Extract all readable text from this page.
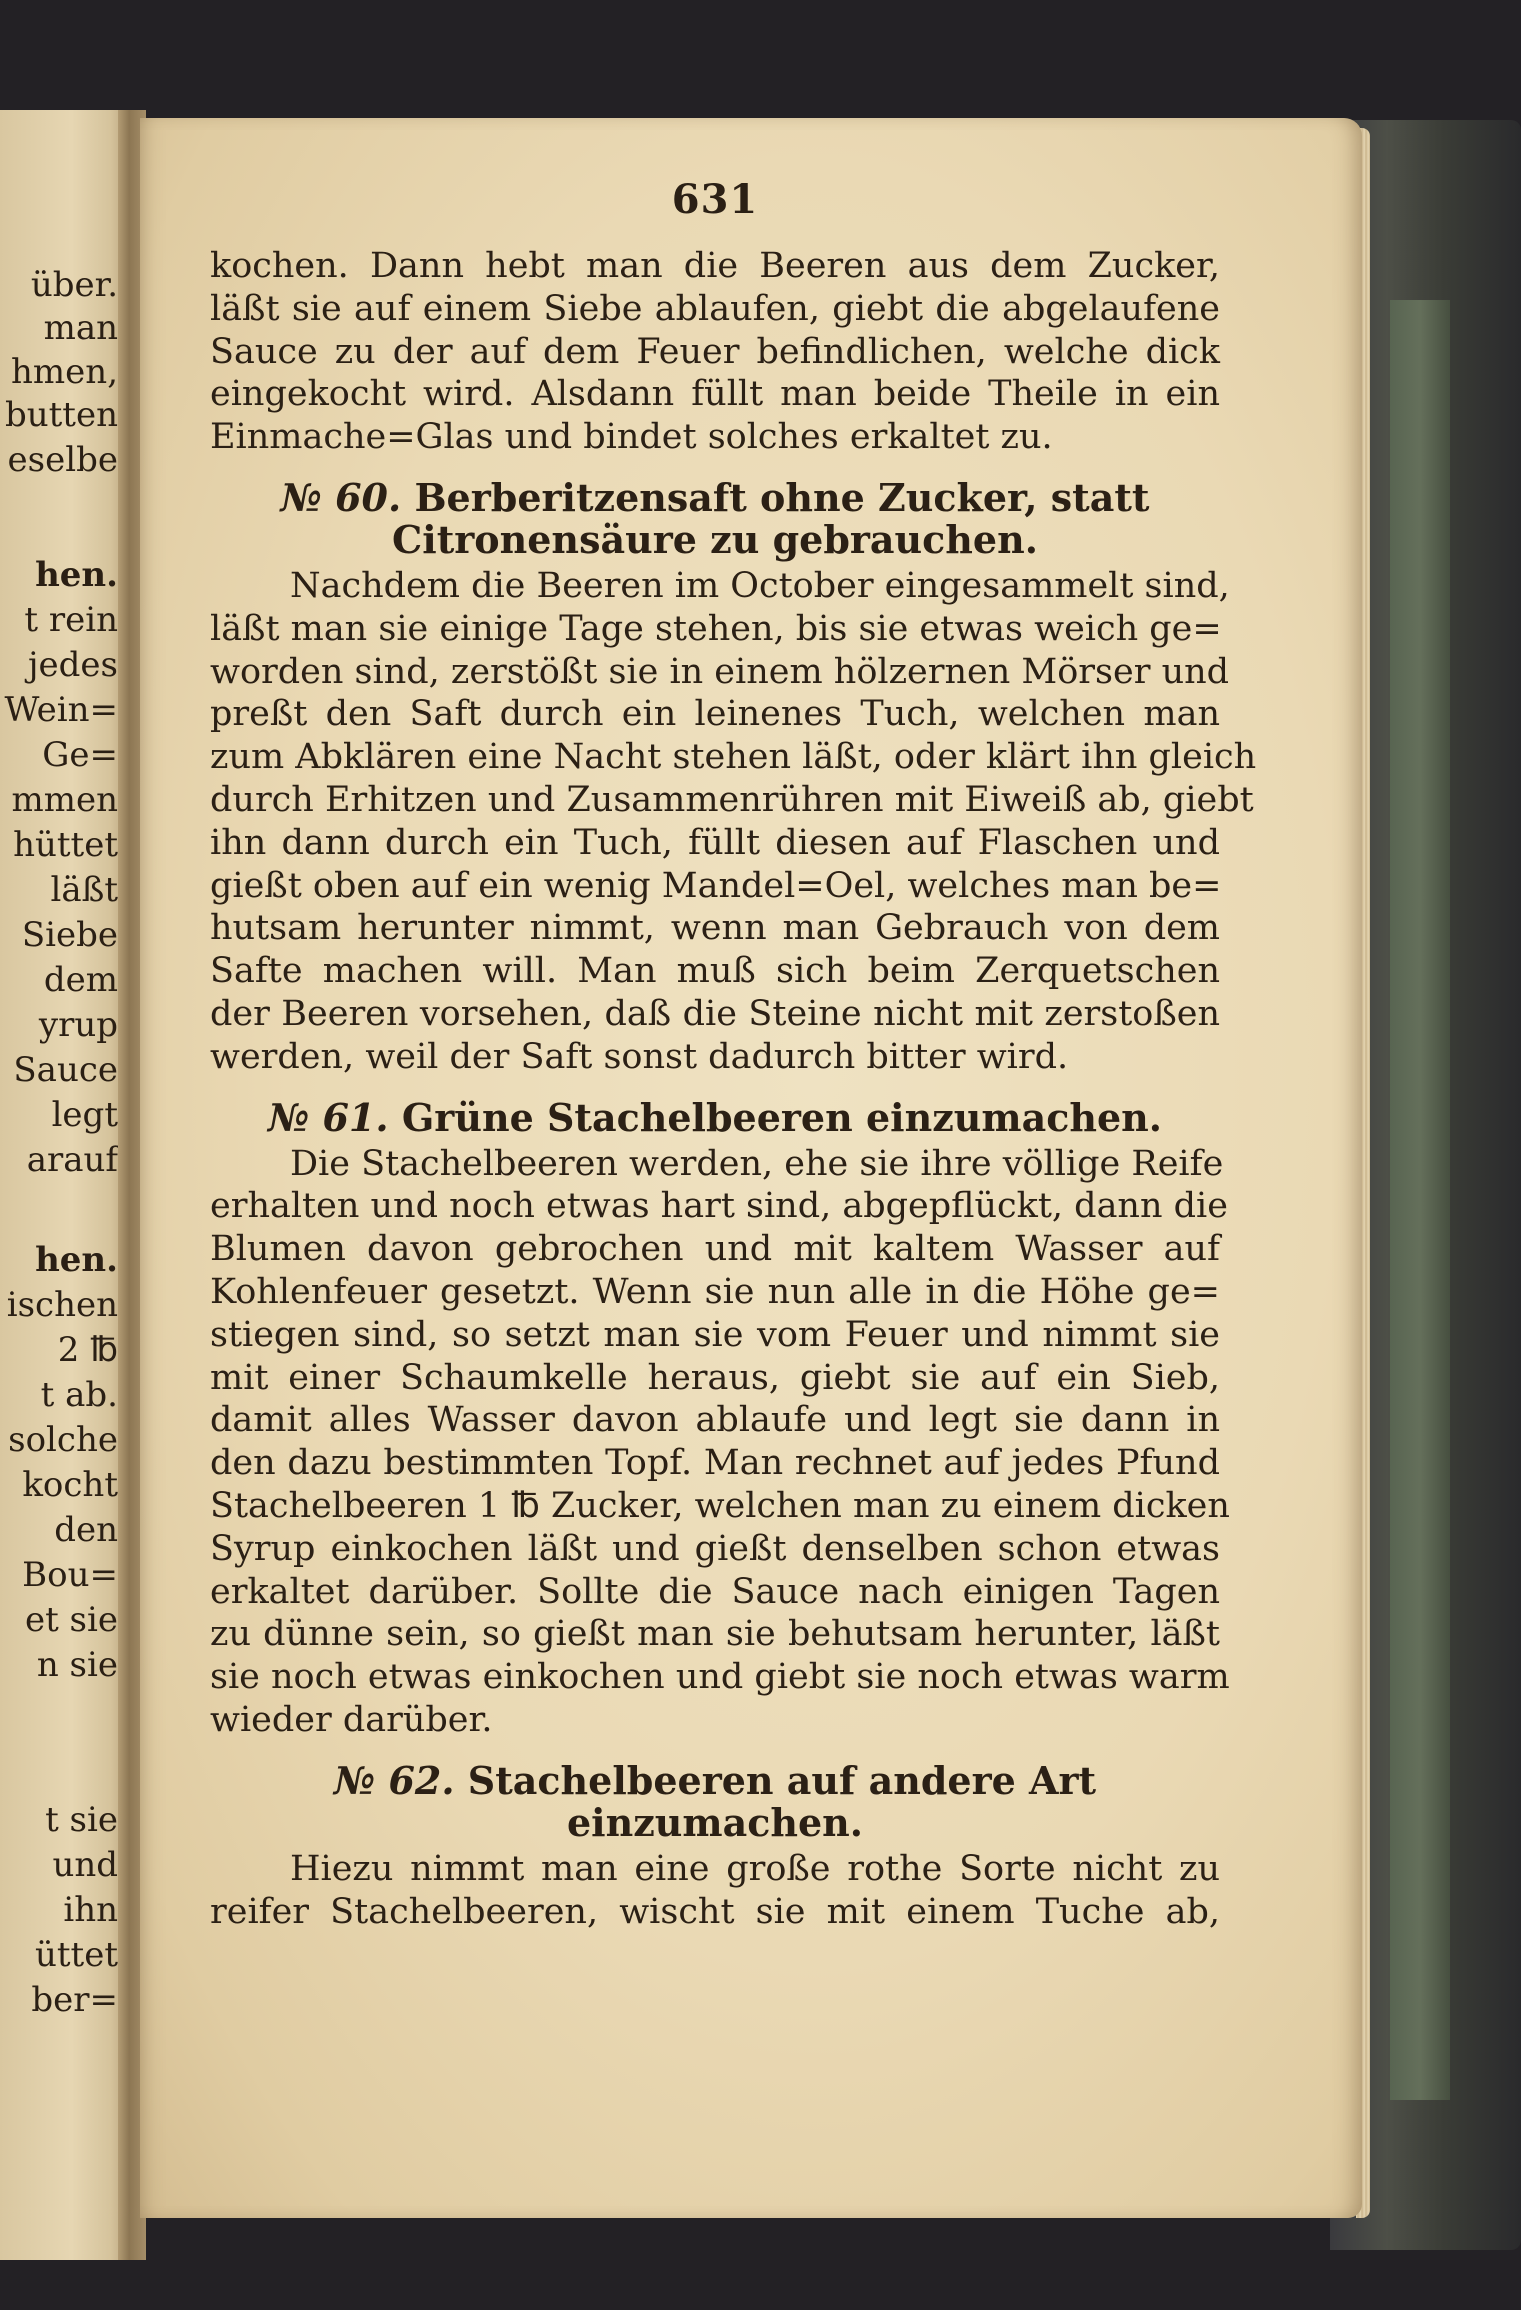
über.
man
hmen,
butten
eselbe
hen.
t rein
jedes
Wein=
Ge=
mmen
hüttet
läßt
Siebe
dem
yrup
Sauce
legt
arauf
hen.
ischen
2 ℔
t ab.
solche
kocht
den
Bou=
et sie
n sie
t sie
und
ihn
üttet
ber=
631
kochen. Dann hebt man die Beeren aus dem Zucker,
läßt sie auf einem Siebe ablaufen, giebt die abgelaufene
Sauce zu der auf dem Feuer befindlichen, welche dick
eingekocht wird. Alsdann füllt man beide Theile in ein
Einmache=Glas und bindet solches erkaltet zu.
№ 60. Berberitzensaft ohne Zucker, statt
Citronensäure zu gebrauchen.
Nachdem die Beeren im October eingesammelt sind,
läßt man sie einige Tage stehen, bis sie etwas weich ge=
worden sind, zerstößt sie in einem hölzernen Mörser und
preßt den Saft durch ein leinenes Tuch, welchen man
zum Abklären eine Nacht stehen läßt, oder klärt ihn gleich
durch Erhitzen und Zusammenrühren mit Eiweiß ab, giebt
ihn dann durch ein Tuch, füllt diesen auf Flaschen und
gießt oben auf ein wenig Mandel=Oel, welches man be=
hutsam herunter nimmt, wenn man Gebrauch von dem
Safte machen will. Man muß sich beim Zerquetschen
der Beeren vorsehen, daß die Steine nicht mit zerstoßen
werden, weil der Saft sonst dadurch bitter wird.
№ 61. Grüne Stachelbeeren einzumachen.
Die Stachelbeeren werden, ehe sie ihre völlige Reife
erhalten und noch etwas hart sind, abgepflückt, dann die
Blumen davon gebrochen und mit kaltem Wasser auf
Kohlenfeuer gesetzt. Wenn sie nun alle in die Höhe ge=
stiegen sind, so setzt man sie vom Feuer und nimmt sie
mit einer Schaumkelle heraus, giebt sie auf ein Sieb,
damit alles Wasser davon ablaufe und legt sie dann in
den dazu bestimmten Topf. Man rechnet auf jedes Pfund
Stachelbeeren 1 ℔ Zucker, welchen man zu einem dicken
Syrup einkochen läßt und gießt denselben schon etwas
erkaltet darüber. Sollte die Sauce nach einigen Tagen
zu dünne sein, so gießt man sie behutsam herunter, läßt
sie noch etwas einkochen und giebt sie noch etwas warm
wieder darüber.
№ 62. Stachelbeeren auf andere Art
einzumachen.
Hiezu nimmt man eine große rothe Sorte nicht zu
reifer Stachelbeeren, wischt sie mit einem Tuche ab,
